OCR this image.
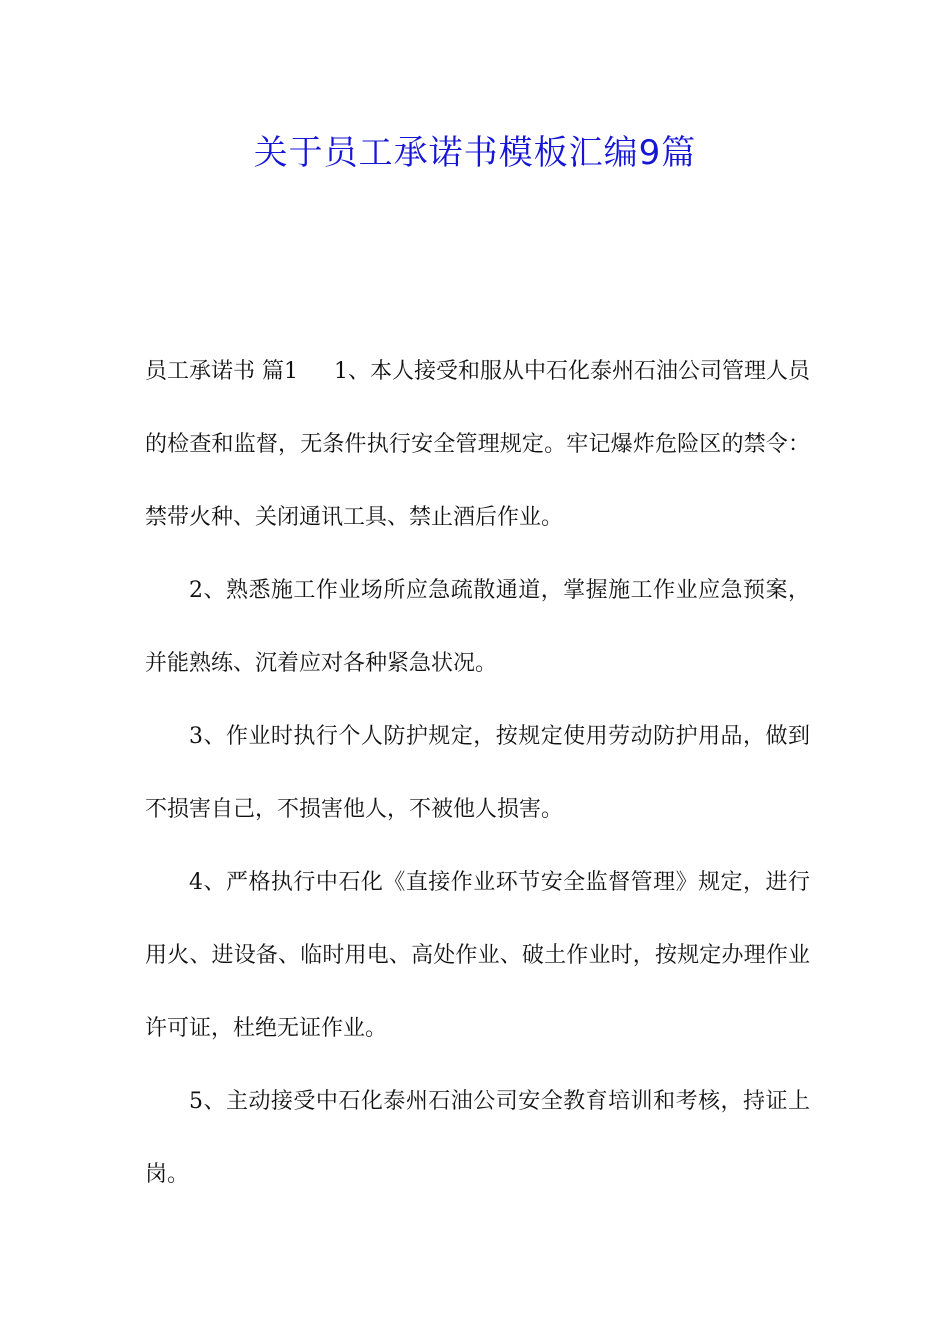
关于员工承诺书模板汇编9篇

员工承诺书 篇1 1、本人接受和服从中石化泰州石油公司管理人员的检查和监督，无条件执行安全管理规定。牢记爆炸危险区的禁令：禁带火种、关闭通讯工具、禁止酒后作业。

2、熟悉施工作业场所应急疏散通道，掌握施工作业应急预案，并能熟练、沉着应对各种紧急状况。

3、作业时执行个人防护规定，按规定使用劳动防护用品，做到不损害自己，不损害他人，不被他人损害。

4、严格执行中石化《直接作业环节安全监督管理》规定，进行用火、进设备、临时用电、高处作业、破土作业时，按规定办理作业许可证，杜绝无证作业。

5、主动接受中石化泰州石油公司安全教育培训和考核，持证上岗。
